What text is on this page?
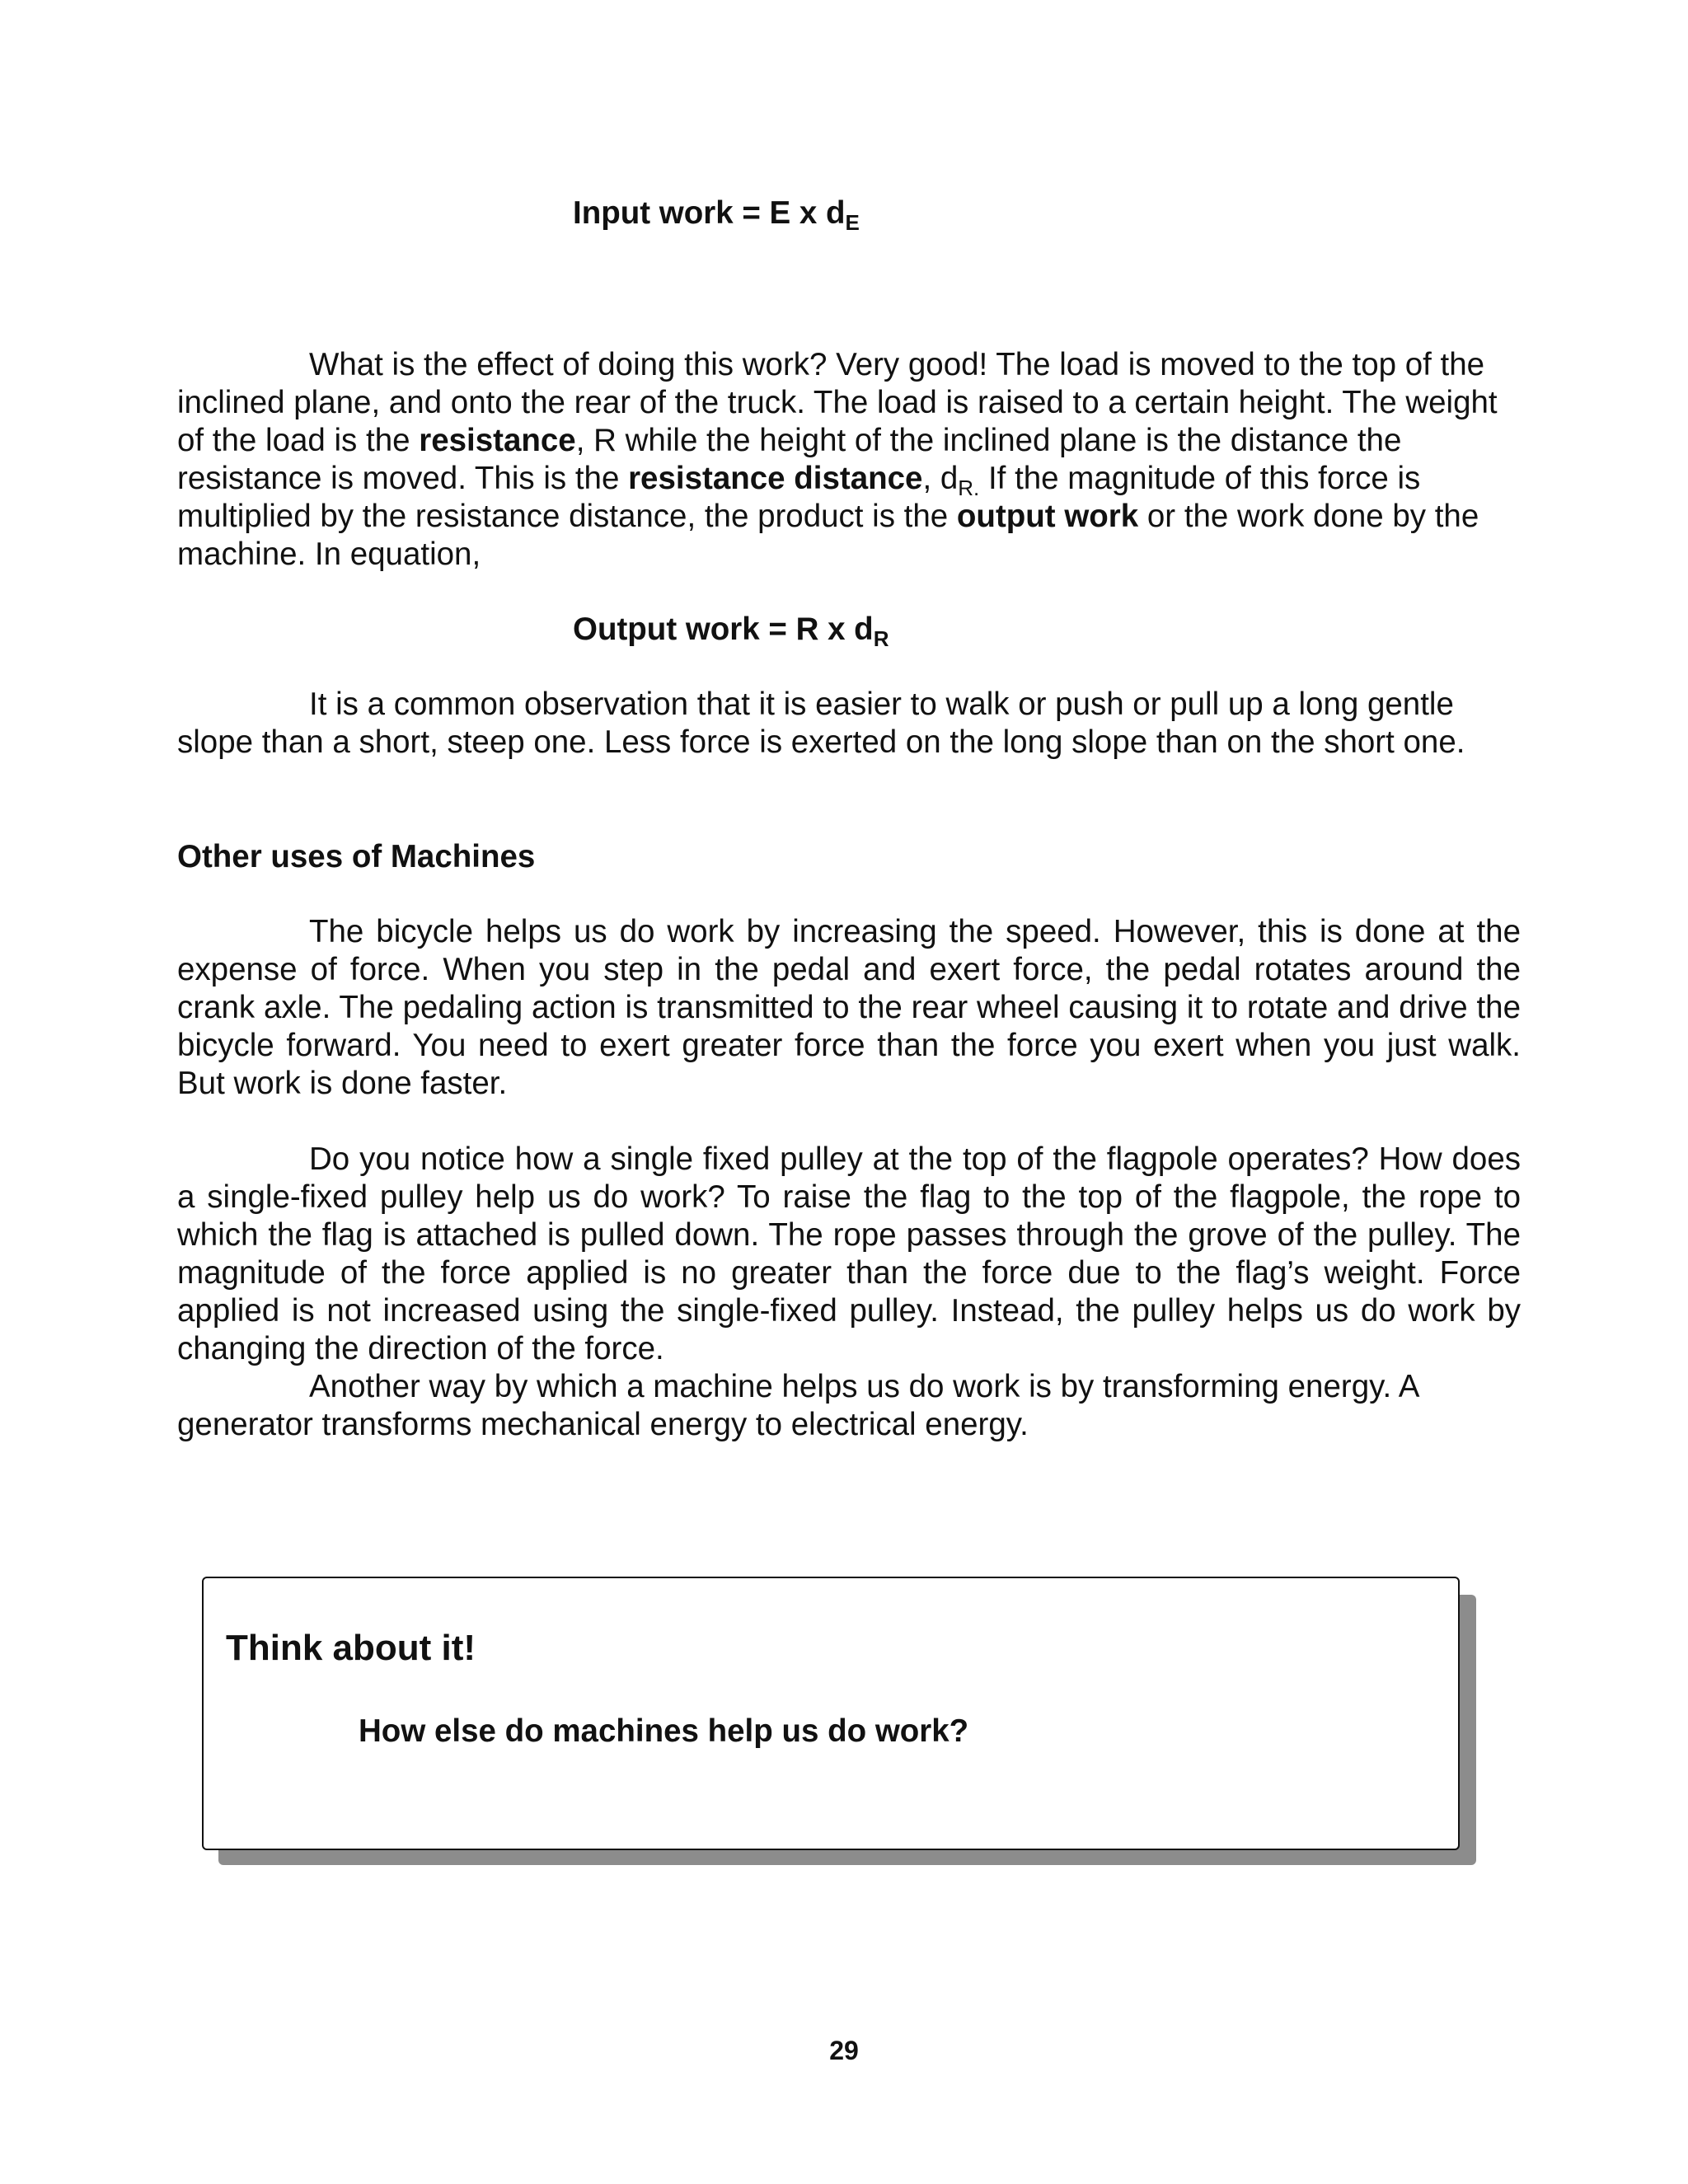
Input work = E x $d_E$
What is the effect of doing this work? Very good! The load is moved to the top of the inclined plane, and onto the rear of the truck. The load is raised to a certain height. The weight of the load is the resistance, R while the height of the inclined plane is the distance the resistance is moved. This is the resistance distance, $d_{R.}$ If the magnitude of this force is multiplied by the resistance distance, the product is the output work or the work done by the machine. In equation,
Output work = R x $d_R$
It is a common observation that it is easier to walk or push or pull up a long gentle slope than a short, steep one. Less force is exerted on the long slope than on the short one.
Other uses of Machines
The bicycle helps us do work by increasing the speed. However, this is done at the expense of force. When you step in the pedal and exert force, the pedal rotates around the crank axle. The pedaling action is transmitted to the rear wheel causing it to rotate and drive the bicycle forward. You need to exert greater force than the force you exert when you just walk. But work is done faster.
Do you notice how a single fixed pulley at the top of the flagpole operates? How does a single-fixed pulley help us do work? To raise the flag to the top of the flagpole, the rope to which the flag is attached is pulled down. The rope passes through the grove of the pulley. The magnitude of the force applied is no greater than the force due to the flag’s weight. Force applied is not increased using the single-fixed pulley. Instead, the pulley helps us do work by changing the direction of the force.
Another way by which a machine helps us do work is by transforming energy. A generator transforms mechanical energy to electrical energy.
Think about it!
How else do machines help us do work?
29
